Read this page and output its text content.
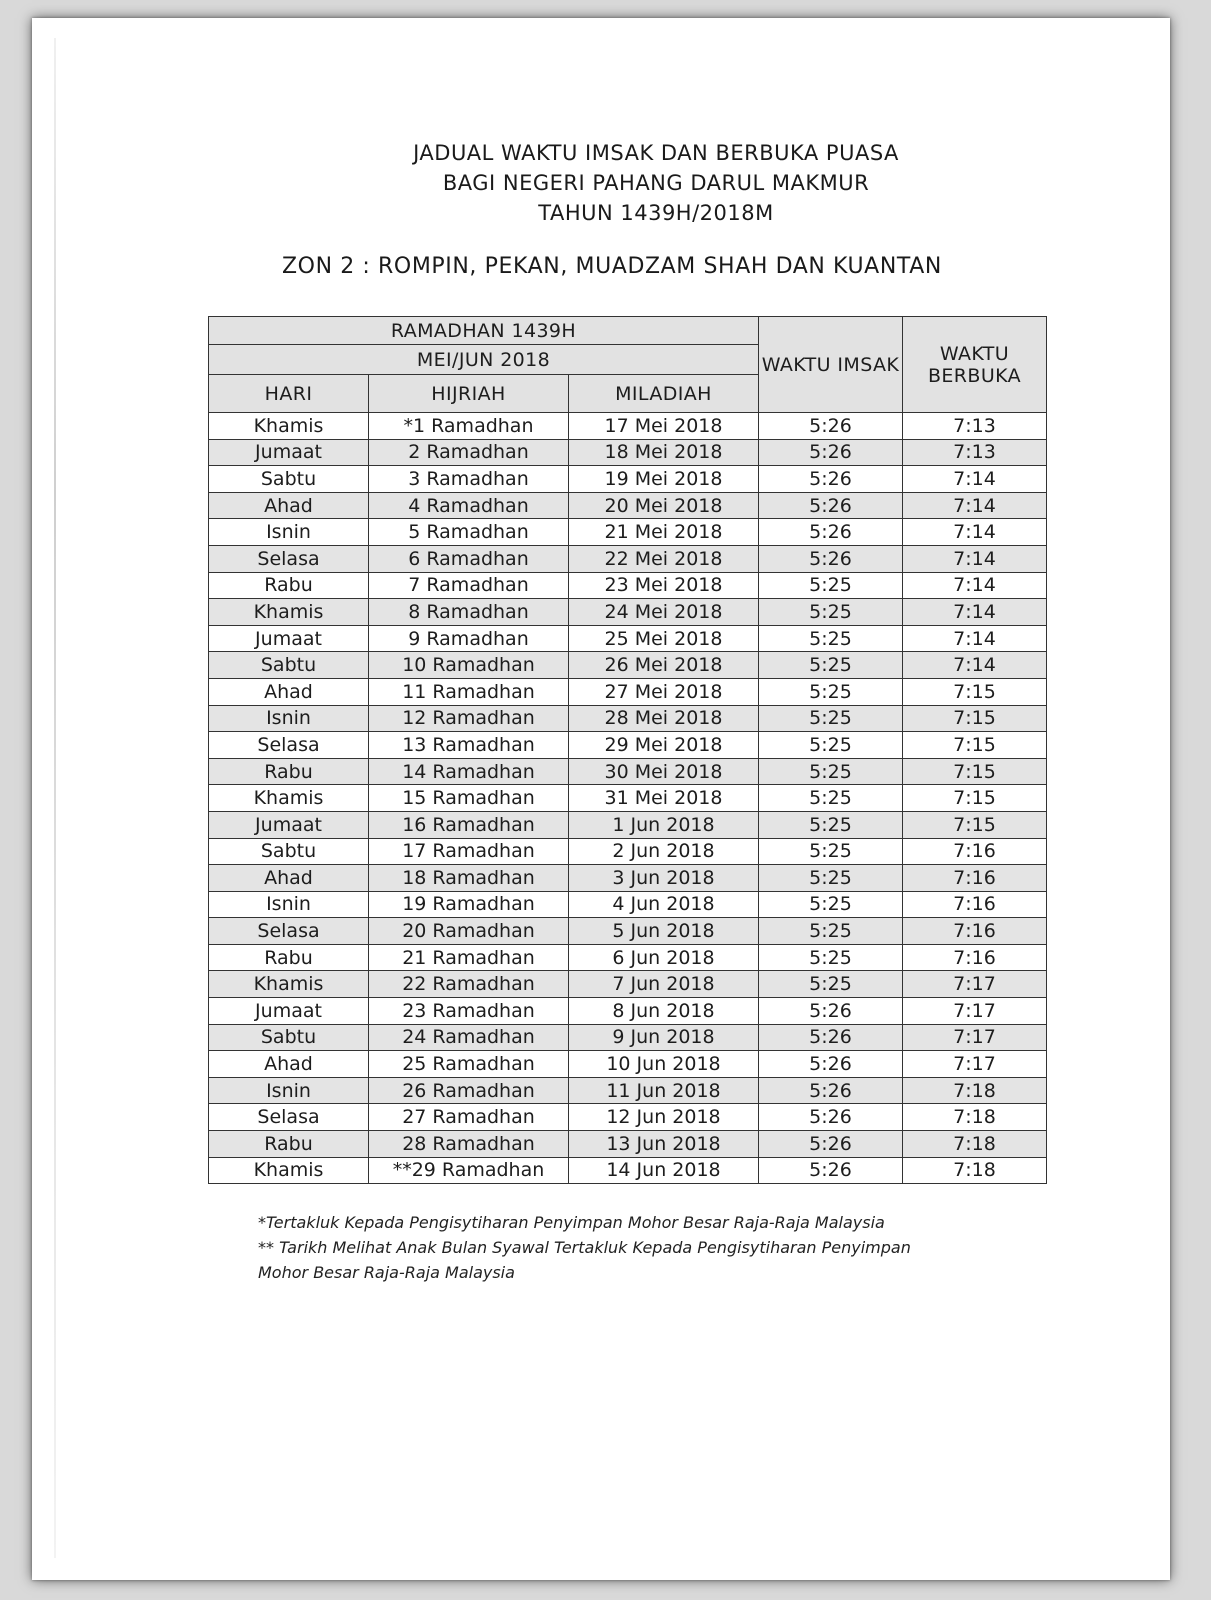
JADUAL WAKTU IMSAK DAN BERBUKA PUASA
BAGI NEGERI PAHANG DARUL MAKMUR
TAHUN 1439H/2018M
ZON 2 : ROMPIN, PEKAN, MUADZAM SHAH DAN KUANTAN
RAMADHAN 1439H			WAKTU IMSAK	WAKTU BERBUKA
MEI/JUN 2018				
HARI	HIJRIAH	MILADIAH		
Khamis	*1 Ramadhan	17 Mei 2018	5:26	7:13
Jumaat	2 Ramadhan	18 Mei 2018	5:26	7:13
Sabtu	3 Ramadhan	19 Mei 2018	5:26	7:14
Ahad	4 Ramadhan	20 Mei 2018	5:26	7:14
Isnin	5 Ramadhan	21 Mei 2018	5:26	7:14
Selasa	6 Ramadhan	22 Mei 2018	5:26	7:14
Rabu	7 Ramadhan	23 Mei 2018	5:25	7:14
Khamis	8 Ramadhan	24 Mei 2018	5:25	7:14
Jumaat	9 Ramadhan	25 Mei 2018	5:25	7:14
Sabtu	10 Ramadhan	26 Mei 2018	5:25	7:14
Ahad	11 Ramadhan	27 Mei 2018	5:25	7:15
Isnin	12 Ramadhan	28 Mei 2018	5:25	7:15
Selasa	13 Ramadhan	29 Mei 2018	5:25	7:15
Rabu	14 Ramadhan	30 Mei 2018	5:25	7:15
Khamis	15 Ramadhan	31 Mei 2018	5:25	7:15
Jumaat	16 Ramadhan	1 Jun 2018	5:25	7:15
Sabtu	17 Ramadhan	2 Jun 2018	5:25	7:16
Ahad	18 Ramadhan	3 Jun 2018	5:25	7:16
Isnin	19 Ramadhan	4 Jun 2018	5:25	7:16
Selasa	20 Ramadhan	5 Jun 2018	5:25	7:16
Rabu	21 Ramadhan	6 Jun 2018	5:25	7:16
Khamis	22 Ramadhan	7 Jun 2018	5:25	7:17
Jumaat	23 Ramadhan	8 Jun 2018	5:26	7:17
Sabtu	24 Ramadhan	9 Jun 2018	5:26	7:17
Ahad	25 Ramadhan	10 Jun 2018	5:26	7:17
Isnin	26 Ramadhan	11 Jun 2018	5:26	7:18
Selasa	27 Ramadhan	12 Jun 2018	5:26	7:18
Rabu	28 Ramadhan	13 Jun 2018	5:26	7:18
Khamis	**29 Ramadhan	14 Jun 2018	5:26	7:18
*Tertakluk Kepada Pengisytiharan Penyimpan Mohor Besar Raja-Raja Malaysia
** Tarikh Melihat Anak Bulan Syawal Tertakluk Kepada Pengisytiharan Penyimpan
Mohor Besar Raja-Raja Malaysia
